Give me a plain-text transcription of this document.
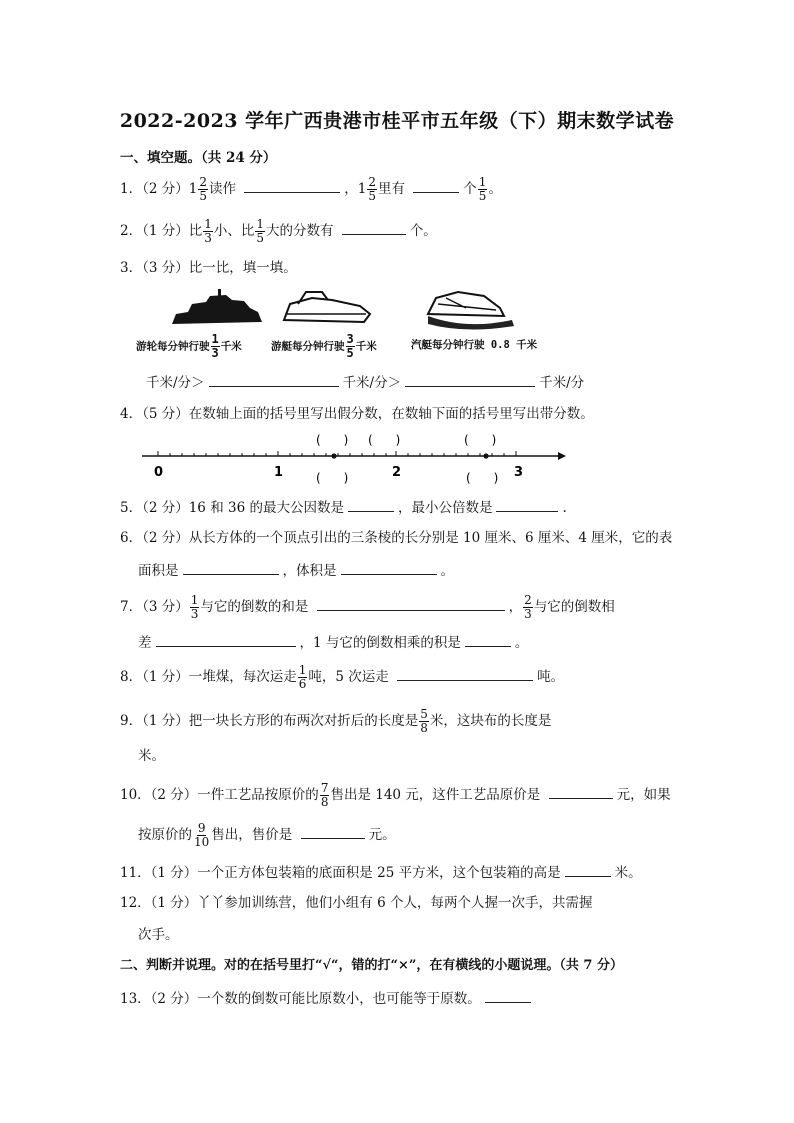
2022-2023 学年广西贵港市桂平市五年级（下）期末数学试卷
一、填空题。（共 24 分）
1．（2 分）$1 \frac{2}{5}$ 读作	，$1 \frac{2}{5}$ 里有	个 $\frac{1}{5}$ 。
2．（1 分）比 $\frac{1}{3}$ 小、比 $\frac{1}{5}$ 大的分数有	个。
3．（3 分）比一比，填一填。
游轮每分钟行驶 $\frac{1}{3}$ 千米	游艇每分钟行驶 $\frac{3}{5}$ 千米	汽艇每分钟行驶 0.8 千米
千米/分＞	千米/分＞	千米/分
4．（5 分）在数轴上面的括号里写出假分数，在数轴下面的括号里写出带分数。
0	1	2	3
(      ) (      )	(      )
(      )	(      )
5．（2 分）16 和 36 的最大公因数是	，最小公倍数是	.
6．（2 分）从长方体的一个顶点引出的三条棱的长分别是 10 厘米、6 厘米、4 厘米，它的表
面积是	，体积是	。
7．（3 分） $\frac{1}{3}$ 与它的倒数的和是	， $\frac{2}{3}$ 与它的倒数相
差	，1 与它的倒数相乘的积是	。
8．（1 分）一堆煤，每次运走 $\frac{1}{6}$ 吨，5 次运走	吨。
9．（1 分）把一块长方形的布两次对折后的长度是 $\frac{5}{8}$ 米，这块布的长度是
米。
10．（2 分）一件工艺品按原价的 $\frac{7}{8}$ 售出是 140 元，这件工艺品原价是	元，如果
按原价的 $\frac{9}{10}$ 售出，售价是	元。
11．（1 分）一个正方体包装箱的底面积是 25 平方米，这个包装箱的高是	米。
12．（1 分）丫丫参加训练营，他们小组有 6 个人，每两个人握一次手，共需握
次手。
二、判断并说理。对的在括号里打“√“，错的打“×”，在有横线的小题说理。（共 7 分）
13．（2 分）一个数的倒数可能比原数小，也可能等于原数。
